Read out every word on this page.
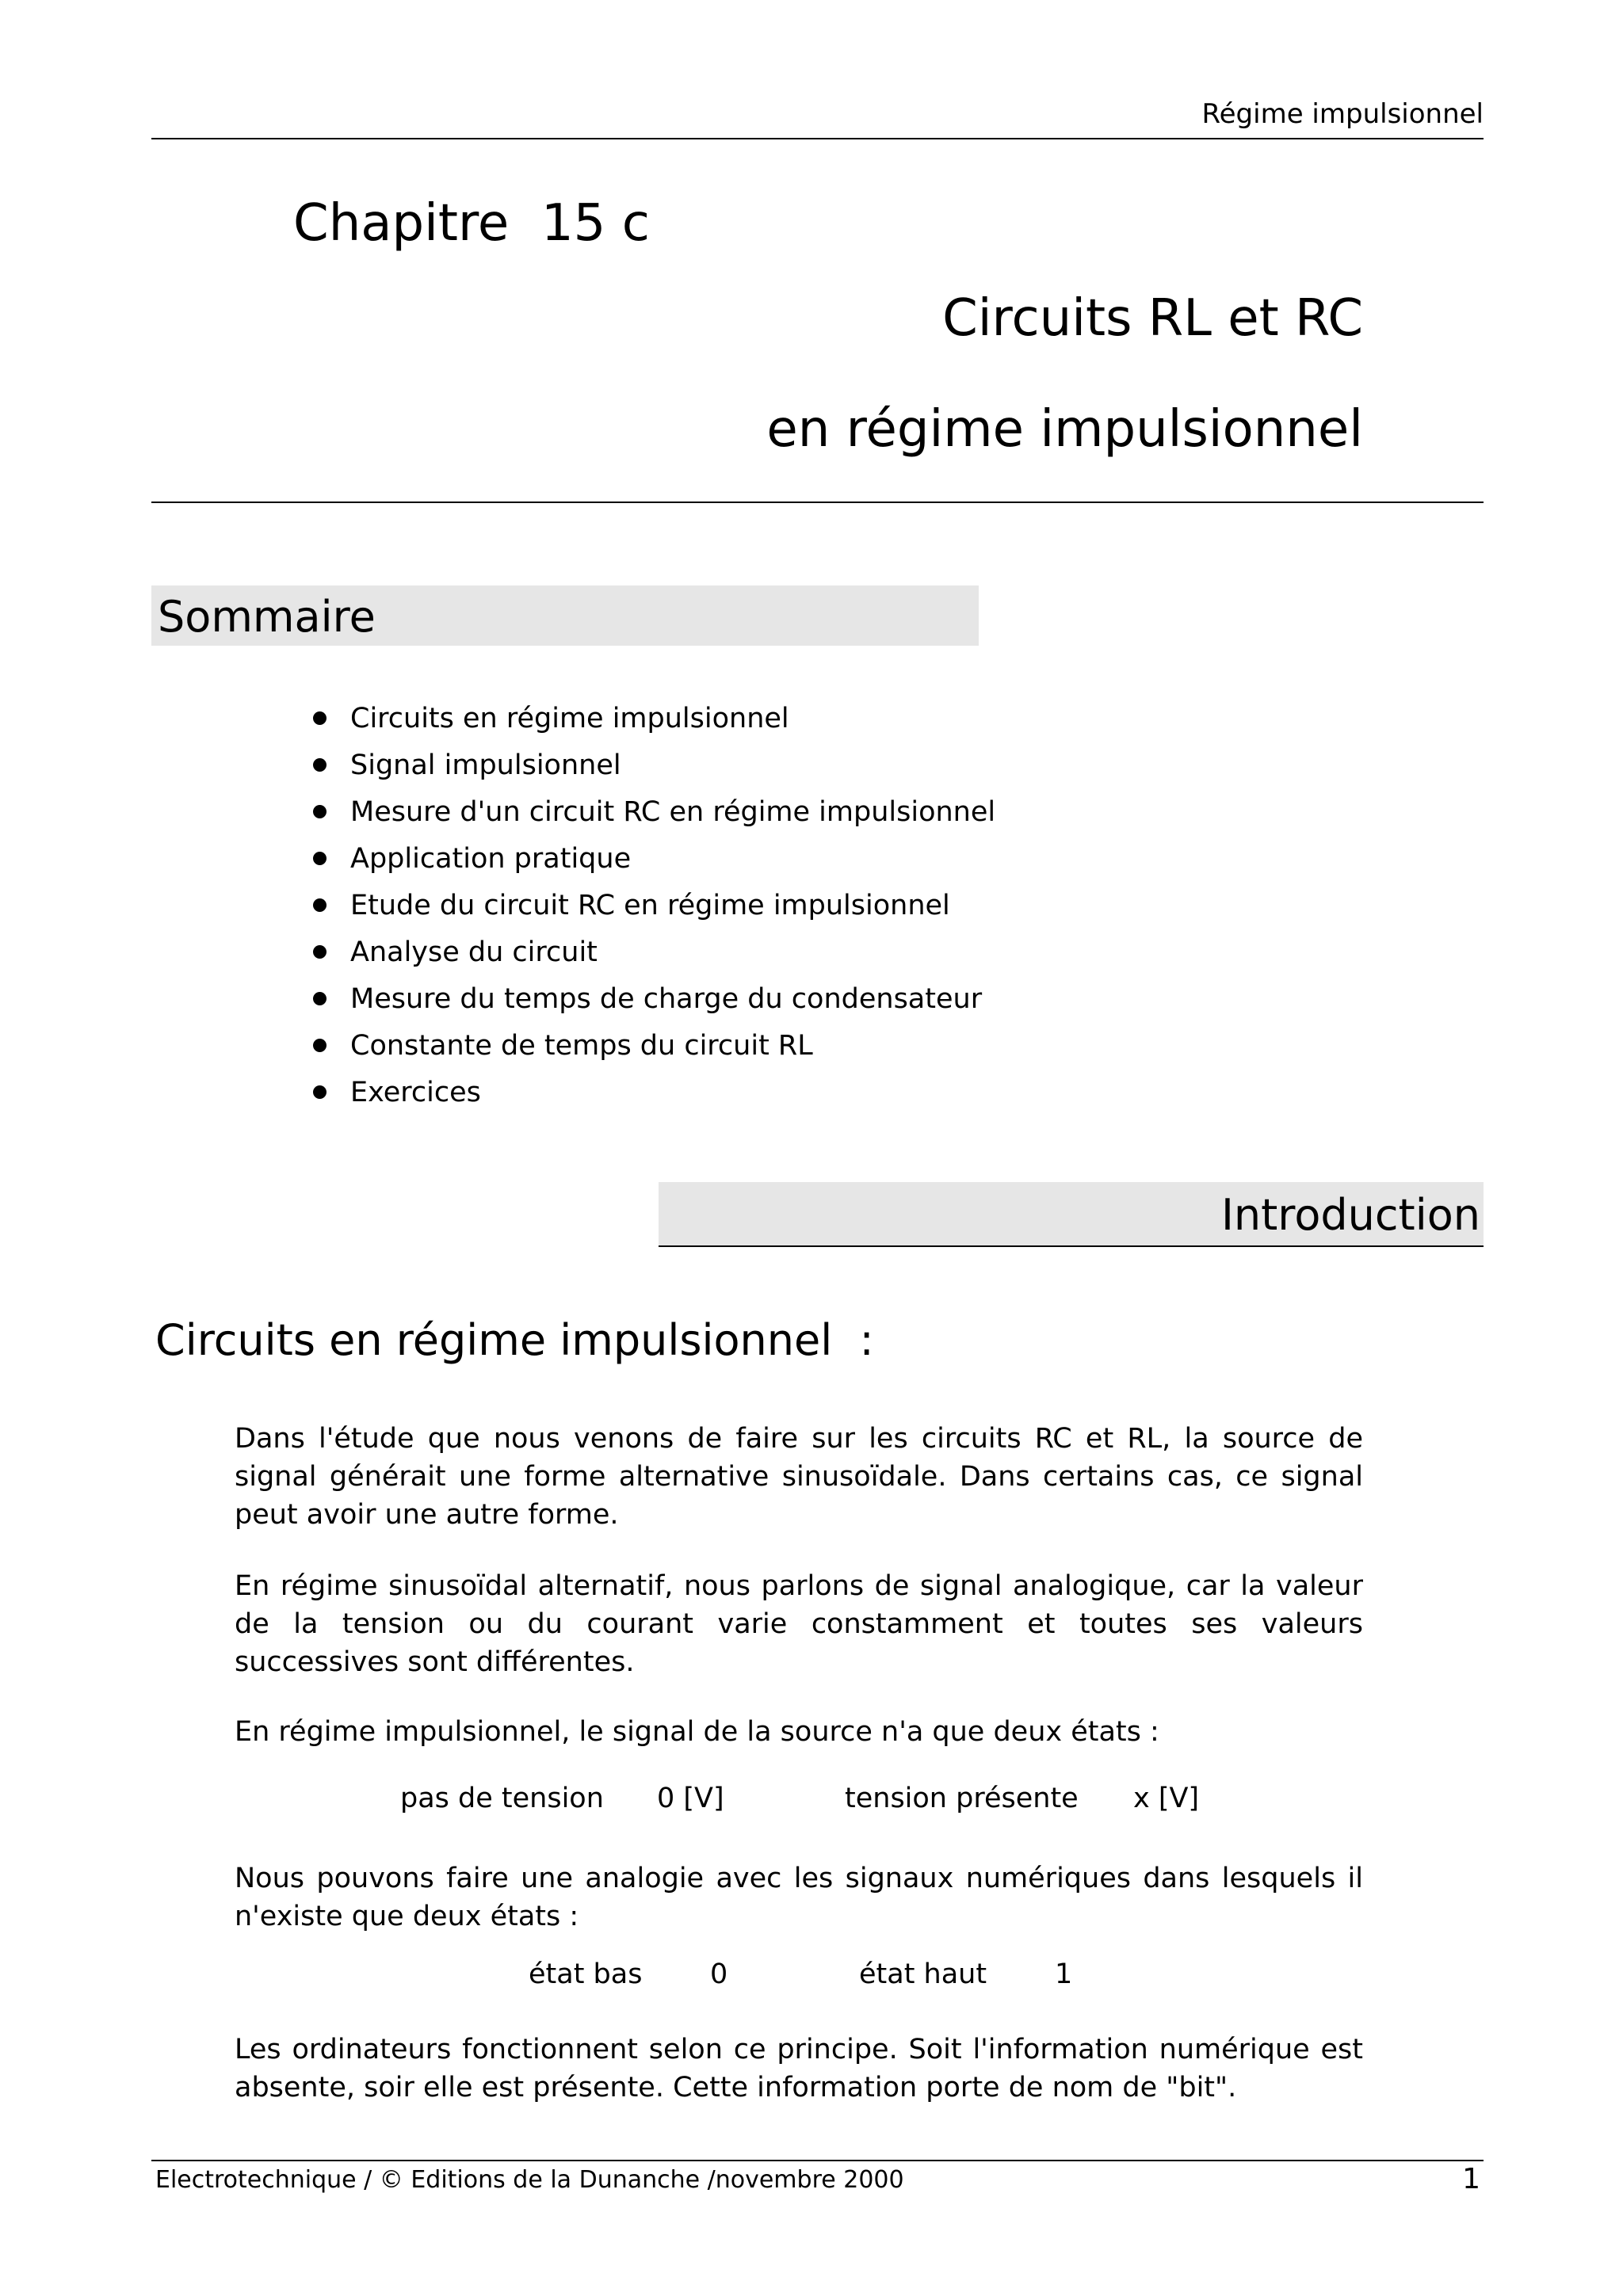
Régime impulsionnel
Chapitre  15 c
Circuits RL et RC
en régime impulsionnel
Sommaire
Circuits en régime impulsionnel
Signal impulsionnel
Mesure d'un circuit RC en régime impulsionnel
Application pratique
Etude du circuit RC en régime impulsionnel
Analyse du circuit
Mesure du temps de charge du condensateur
Constante de temps du circuit RL
Exercices
Introduction
Circuits en régime impulsionnel  :

Dans l'étude que nous venons de faire sur les circuits RC et RL, la source de signal générait une forme alternative sinusoïdale. Dans certains cas, ce signal peut avoir une autre forme.

En régime sinusoïdal alternatif, nous parlons de signal analogique, car la valeur de la tension ou du courant varie constamment et toutes ses valeurs successives sont différentes.

En régime impulsionnel, le signal de la source n'a que deux états :

pas de tension 0 [V]	tension présente x [V]

Nous pouvons faire une analogie avec les signaux numériques dans lesquels il n'existe que deux états :

état bas 0	état haut 1

Les ordinateurs fonctionnent selon ce principe. Soit l'information numérique est absente, soir elle est présente. Cette information porte de nom de "bit".

Electrotechnique / © Editions de la Dunanche /novembre 2000	1
